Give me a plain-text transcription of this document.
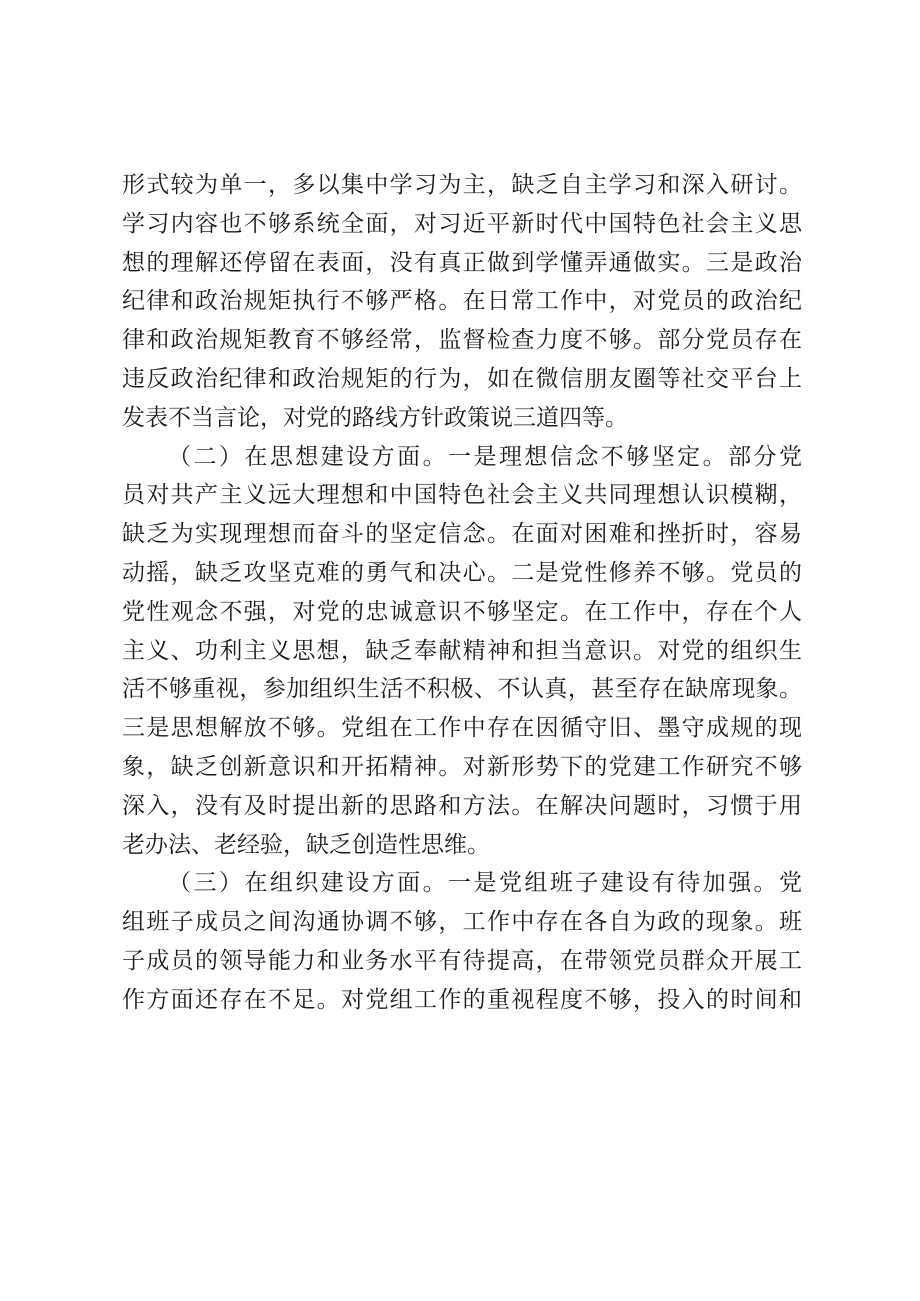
形式较为单一，多以集中学习为主，缺乏自主学习和深入研讨。
学习内容也不够系统全面，对习近平新时代中国特色社会主义思
想的理解还停留在表面，没有真正做到学懂弄通做实。三是政治
纪律和政治规矩执行不够严格。在日常工作中，对党员的政治纪
律和政治规矩教育不够经常，监督检查力度不够。部分党员存在
违反政治纪律和政治规矩的行为，如在微信朋友圈等社交平台上
发表不当言论，对党的路线方针政策说三道四等。
（二）在思想建设方面。一是理想信念不够坚定。部分党
员对共产主义远大理想和中国特色社会主义共同理想认识模糊，
缺乏为实现理想而奋斗的坚定信念。在面对困难和挫折时，容易
动摇，缺乏攻坚克难的勇气和决心。二是党性修养不够。党员的
党性观念不强，对党的忠诚意识不够坚定。在工作中，存在个人
主义、功利主义思想，缺乏奉献精神和担当意识。对党的组织生
活不够重视，参加组织生活不积极、不认真，甚至存在缺席现象。
三是思想解放不够。党组在工作中存在因循守旧、墨守成规的现
象，缺乏创新意识和开拓精神。对新形势下的党建工作研究不够
深入，没有及时提出新的思路和方法。在解决问题时，习惯于用
老办法、老经验，缺乏创造性思维。
（三）在组织建设方面。一是党组班子建设有待加强。党
组班子成员之间沟通协调不够，工作中存在各自为政的现象。班
子成员的领导能力和业务水平有待提高，在带领党员群众开展工
作方面还存在不足。对党组工作的重视程度不够，投入的时间和
